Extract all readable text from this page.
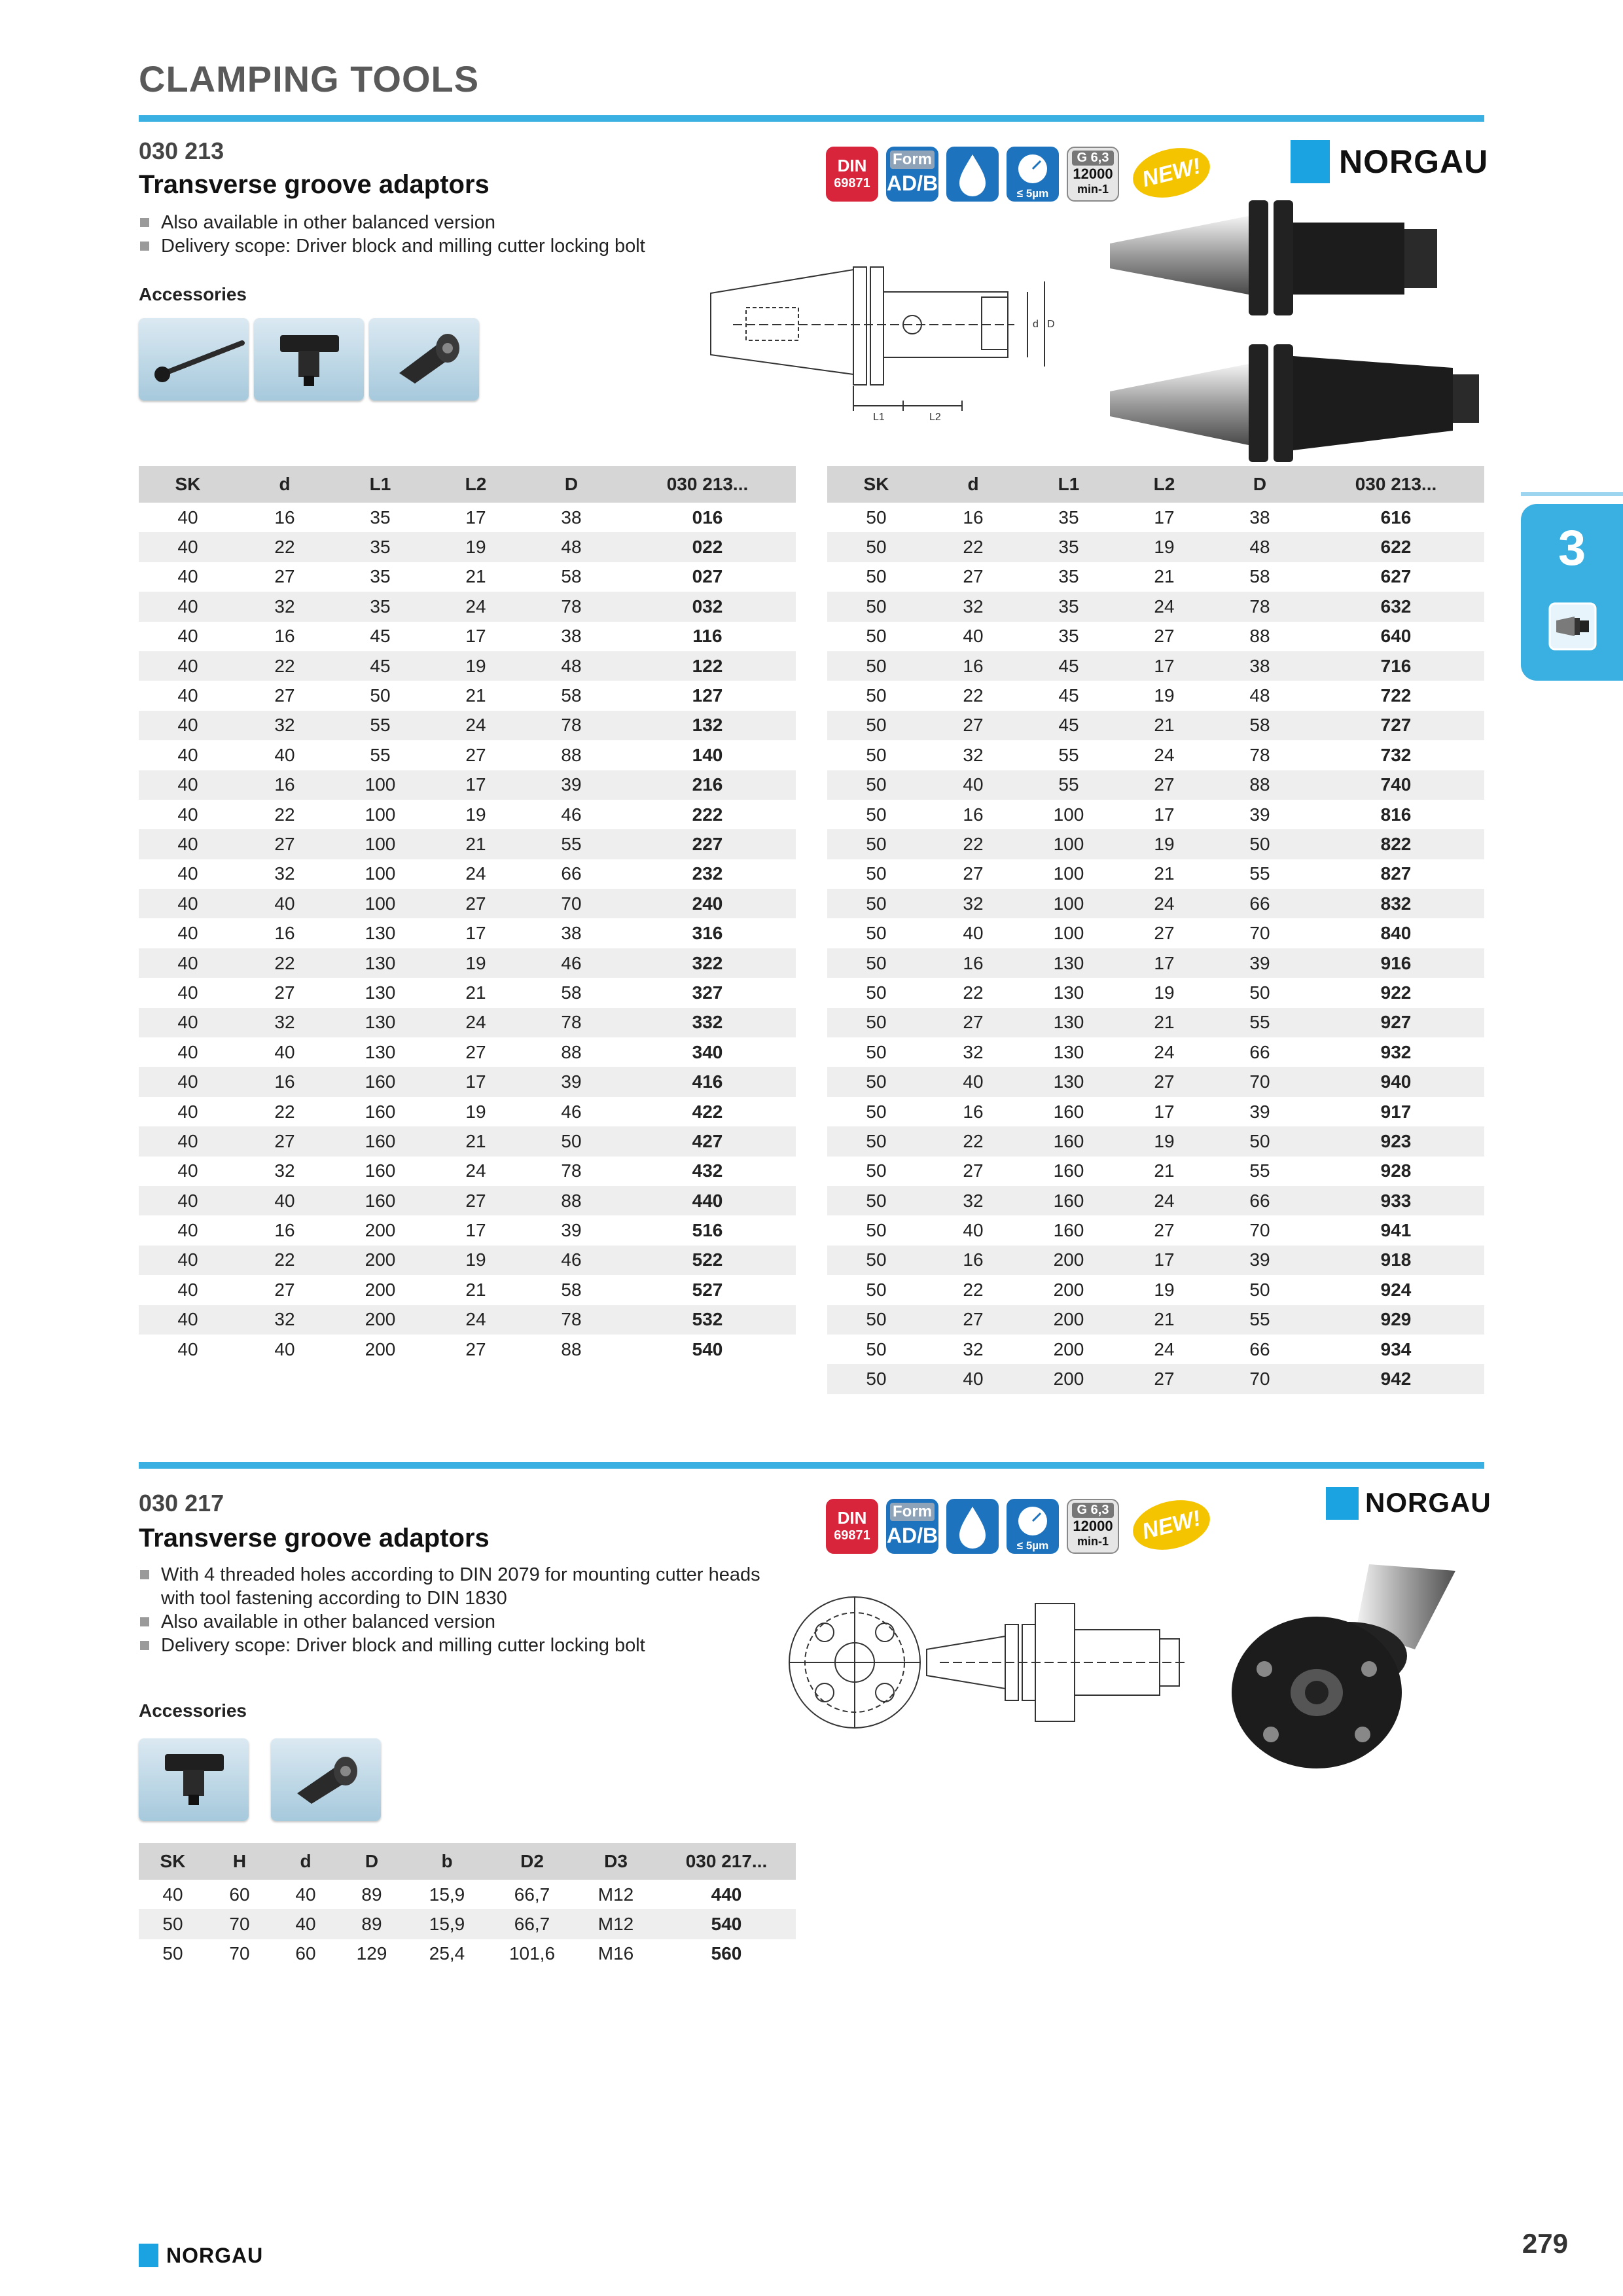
CLAMPING TOOLS
3
030 213
Transverse groove adaptors
Also available in other balanced version
Delivery scope: Driver block and milling cutter locking bolt
Accessories
DIN
69871
Form
AD/B	≤ 5µm
G 6,3
12000
min-1	NEW!	NORGAU
L1	L2
d D
SK	d	L1	L2	D	030 213...
40	16	35	17	38	016
40	22	35	19	48	022
40	27	35	21	58	027
40	32	35	24	78	032
40	16	45	17	38	116
40	22	45	19	48	122
40	27	50	21	58	127
40	32	55	24	78	132
40	40	55	27	88	140
40	16	100	17	39	216
40	22	100	19	46	222
40	27	100	21	55	227
40	32	100	24	66	232
40	40	100	27	70	240
40	16	130	17	38	316
40	22	130	19	46	322
40	27	130	21	58	327
40	32	130	24	78	332
40	40	130	27	88	340
40	16	160	17	39	416
40	22	160	19	46	422
40	27	160	21	50	427
40	32	160	24	78	432
40	40	160	27	88	440
40	16	200	17	39	516
40	22	200	19	46	522
40	27	200	21	58	527
40	32	200	24	78	532
40	40	200	27	88	540
SK	d	L1	L2	D	030 213...
50	16	35	17	38	616
50	22	35	19	48	622
50	27	35	21	58	627
50	32	35	24	78	632
50	40	35	27	88	640
50	16	45	17	38	716
50	22	45	19	48	722
50	27	45	21	58	727
50	32	55	24	78	732
50	40	55	27	88	740
50	16	100	17	39	816
50	22	100	19	50	822
50	27	100	21	55	827
50	32	100	24	66	832
50	40	100	27	70	840
50	16	130	17	39	916
50	22	130	19	50	922
50	27	130	21	55	927
50	32	130	24	66	932
50	40	130	27	70	940
50	16	160	17	39	917
50	22	160	19	50	923
50	27	160	21	55	928
50	32	160	24	66	933
50	40	160	27	70	941
50	16	200	17	39	918
50	22	200	19	50	924
50	27	200	21	55	929
50	32	200	24	66	934
50	40	200	27	70	942
030 217
Transverse groove adaptors
With 4 threaded holes according to DIN 2079 for mounting cutter heads with tool fastening according to DIN 1830
Also available in other balanced version
Delivery scope: Driver block and milling cutter locking bolt
Accessories
DIN
69871
Form
AD/B	≤ 5µm
G 6,3
12000
min-1	NEW!
NORGAU
SK	H	d	D	b	D2	D3	030 217...
40	60	40	89	15,9	66,7	M12	440
50	70	40	89	15,9	66,7	M12	540
50	70	60	129	25,4	101,6	M16	560
NORGAU	279
